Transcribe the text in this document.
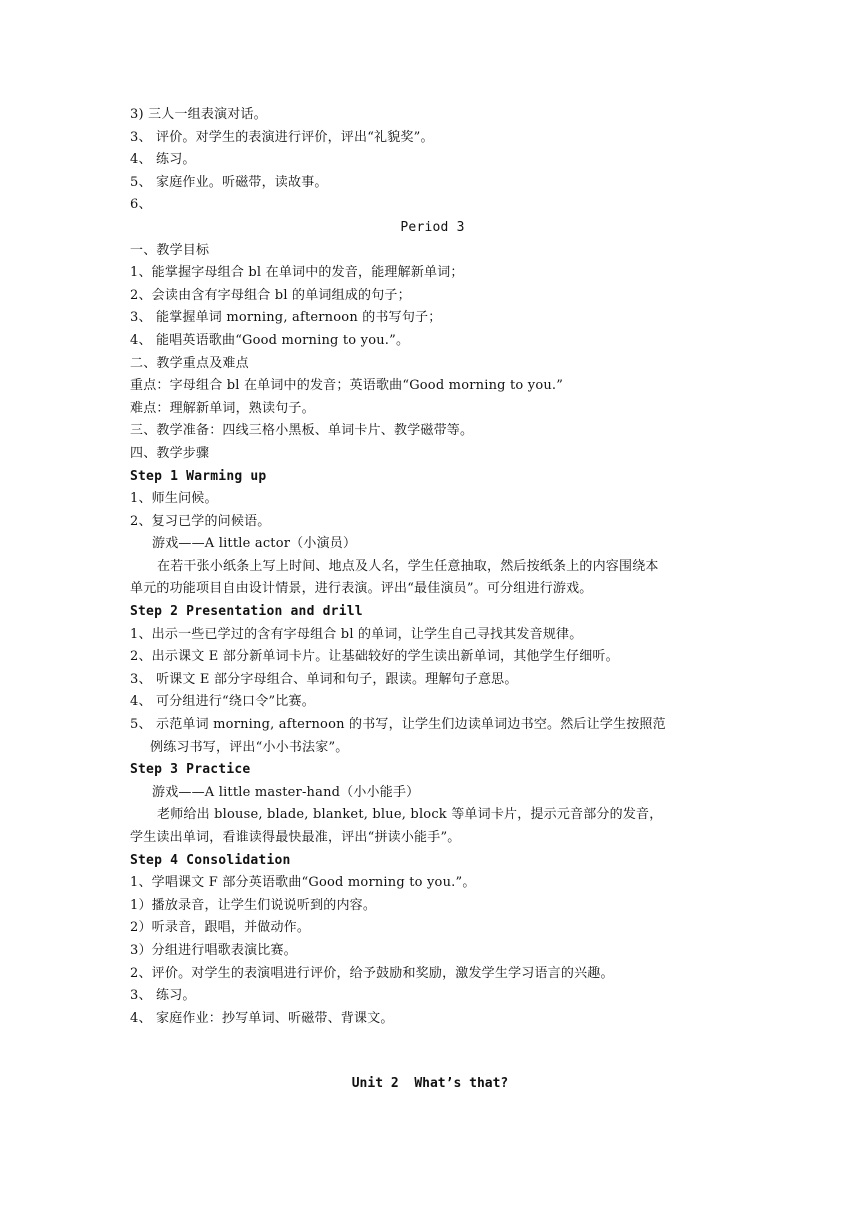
3) 三人一组表演对话。
3、 评价。对学生的表演进行评价，评出“礼貌奖”。
4、 练习。
5、 家庭作业。听磁带，读故事。
6、
Period 3
一、教学目标
1、能掌握字母组合 bl 在单词中的发音，能理解新单词；
2、会读由含有字母组合 bl 的单词组成的句子；
3、 能掌握单词 morning, afternoon 的书写句子；
4、 能唱英语歌曲“Good morning to you.”。
二、教学重点及难点
重点：字母组合 bl 在单词中的发音；英语歌曲“Good morning to you.”
难点：理解新单词，熟读句子。
三、教学准备：四线三格小黑板、单词卡片、教学磁带等。
四、教学步骤
Step 1 Warming up
1、师生问候。
2、复习已学的问候语。
游戏——A little actor（小演员）
在若干张小纸条上写上时间、地点及人名，学生任意抽取，然后按纸条上的内容围绕本
单元的功能项目自由设计情景，进行表演。评出“最佳演员”。可分组进行游戏。
Step 2 Presentation and drill
1、出示一些已学过的含有字母组合 bl 的单词，让学生自己寻找其发音规律。
2、出示课文 E 部分新单词卡片。让基础较好的学生读出新单词，其他学生仔细听。
3、 听课文 E 部分字母组合、单词和句子，跟读。理解句子意思。
4、 可分组进行“绕口令”比赛。
5、 示范单词 morning, afternoon 的书写，让学生们边读单词边书空。然后让学生按照范
例练习书写，评出“小小书法家”。
Step 3 Practice
游戏——A little master-hand（小小能手）
老师给出 blouse, blade, blanket, blue, block 等单词卡片，提示元音部分的发音，
学生读出单词，看谁读得最快最准，评出“拼读小能手”。
Step 4 Consolidation
1、学唱课文 F 部分英语歌曲“Good morning to you.”。
1）播放录音，让学生们说说听到的内容。
2）听录音，跟唱，并做动作。
3）分组进行唱歌表演比赛。
2、评价。对学生的表演唱进行评价，给予鼓励和奖励，激发学生学习语言的兴趣。
3、 练习。
4、 家庭作业：抄写单词、听磁带、背课文。
Unit 2  What’s that?
